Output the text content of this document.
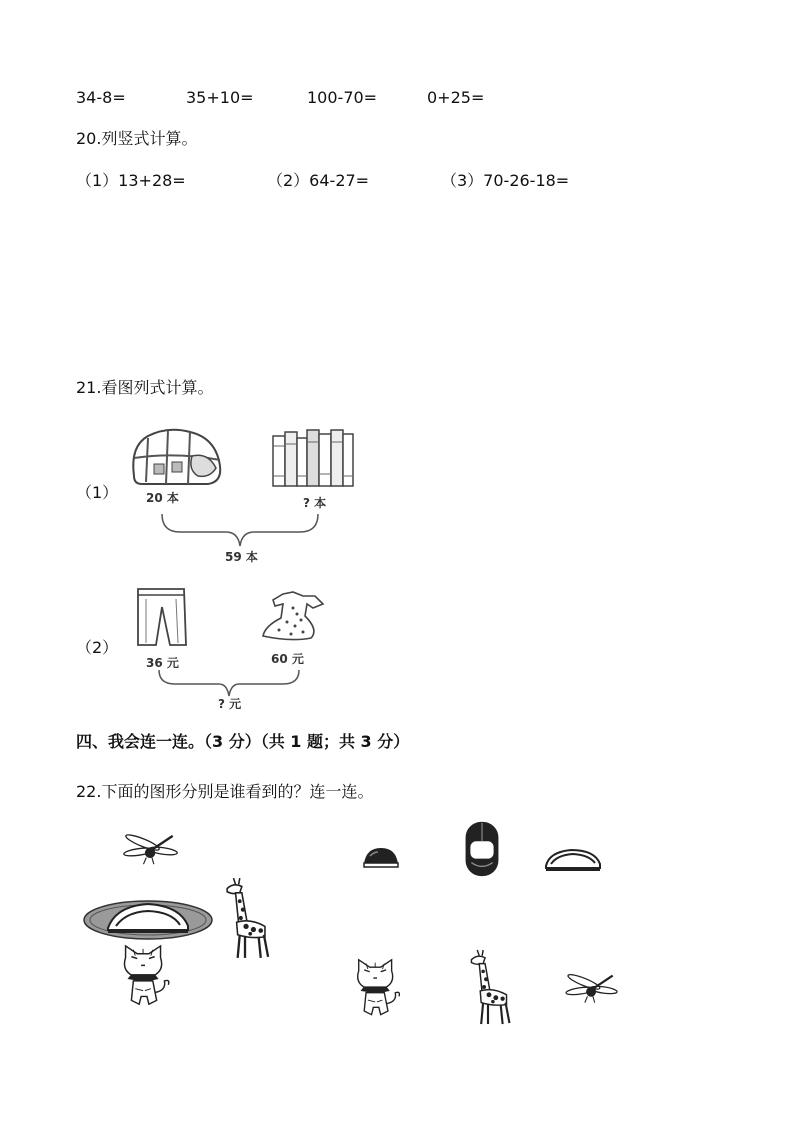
34-8=	35+10=	100-70=	0+25=
20.列竖式计算。
（1）13+28=	（2）64-27=	（3）70-26-18=
21.看图列式计算。
（1） 20 本	? 本
59 本
（2）
36 元	60 元
? 元
四、我会连一连。（3 分）（共 1 题；共 3 分）
22.下面的图形分别是谁看到的？连一连。
